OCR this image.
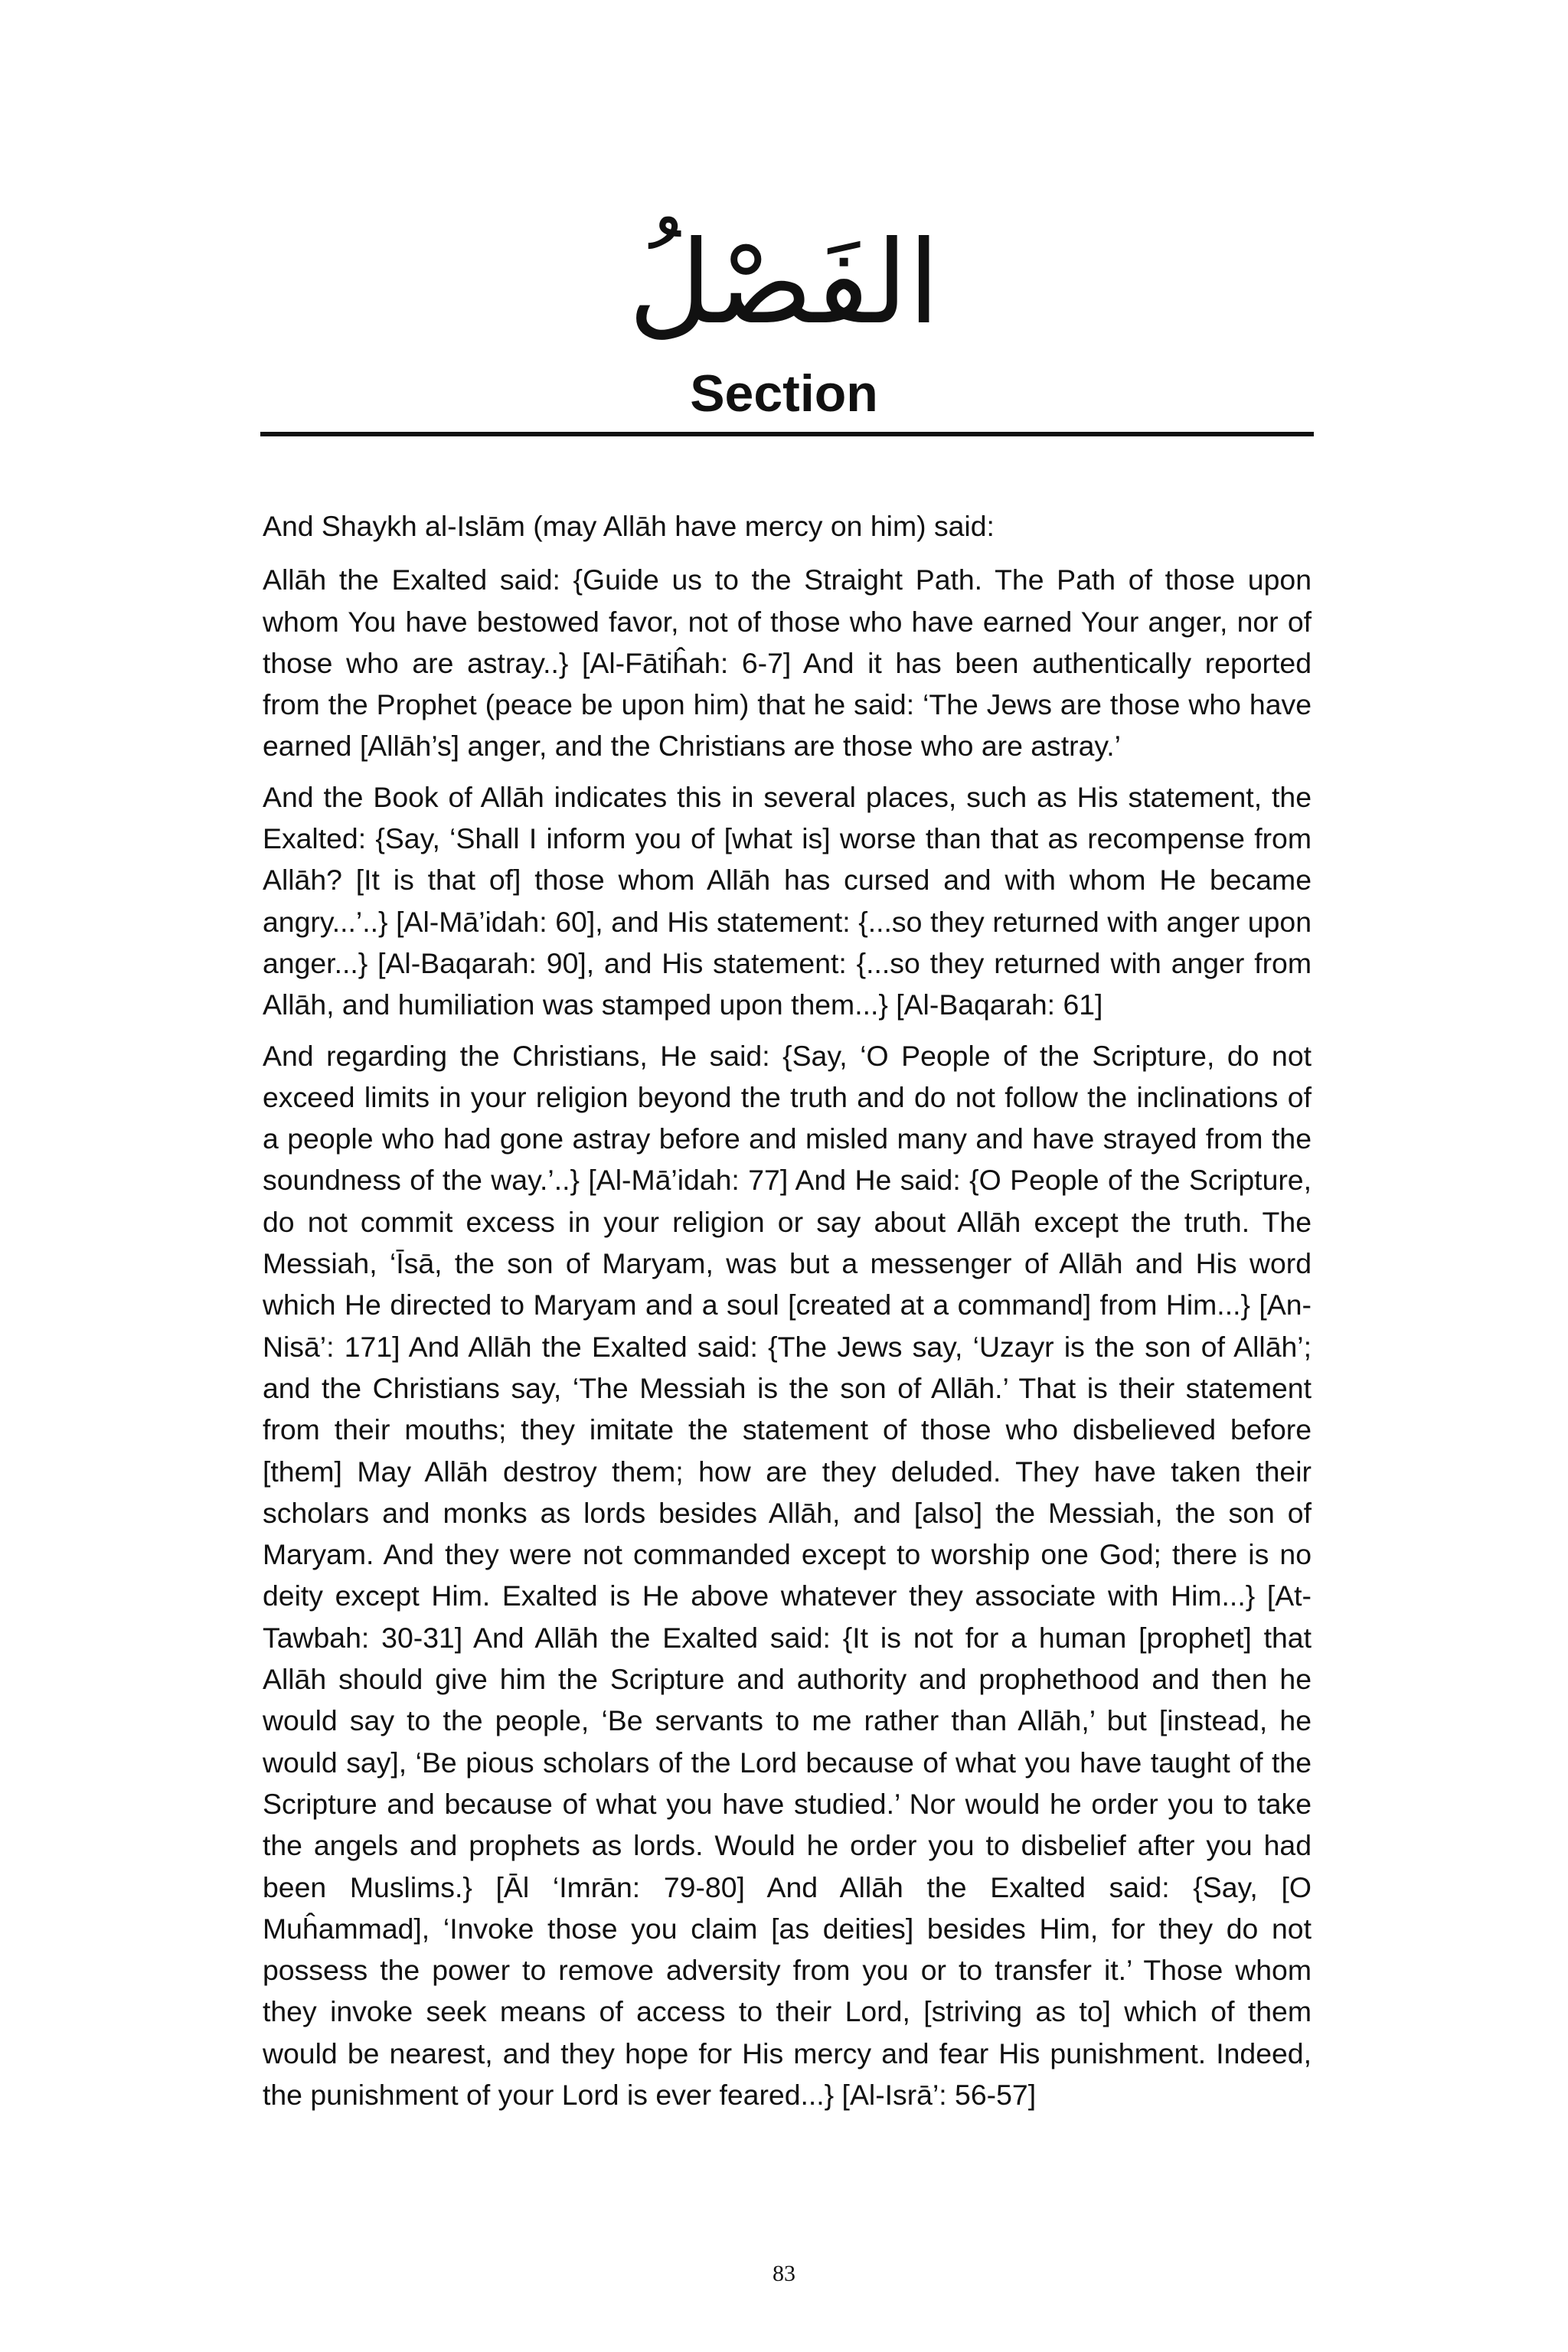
الفَصْلُ
Section

And Shaykh al-Islām (may Allāh have mercy on him) said:

Allāh the Exalted said: {Guide us to the Straight Path. The Path of those upon whom You have bestowed favor, not of those who have earned Your anger, nor of those who are astray..} [Al-Fātiĥah: 6-7] And it has been authentically reported from the Prophet (peace be upon him) that he said: ‘The Jews are those who have earned [Allāh’s] anger, and the Christians are those who are astray.’

And the Book of Allāh indicates this in several places, such as His statement, the Exalted: {Say, ‘Shall I inform you of [what is] worse than that as recompense from Allāh? [It is that of] those whom Allāh has cursed and with whom He became angry...’..} [Al-Mā’idah: 60], and His statement: {...so they returned with anger upon anger...} [Al-Baqarah: 90], and His statement: {...so they returned with anger from Allāh, and humiliation was stamped upon them...} [Al-Baqarah: 61]

And regarding the Christians, He said: {Say, ‘O People of the Scripture, do not exceed limits in your religion beyond the truth and do not follow the inclinations of a people who had gone astray before and misled many and have strayed from the soundness of the way.’..} [Al-Mā’idah: 77] And He said: {O People of the Scripture, do not commit excess in your religion or say about Allāh except the truth. The Messiah, ‘Īsā, the son of Maryam, was but a messenger of Allāh and His word which He directed to Maryam and a soul [created at a command] from Him...} [An-Nisā’: 171] And Allāh the Exalted said: {The Jews say, ‘Uzayr is the son of Allāh’; and the Christians say, ‘The Messiah is the son of Allāh.’ That is their statement from their mouths; they imitate the statement of those who disbelieved before [them] May Allāh destroy them; how are they deluded. They have taken their scholars and monks as lords besides Allāh, and [also] the Messiah, the son of Maryam. And they were not commanded except to worship one God; there is no deity except Him. Exalted is He above whatever they associate with Him...} [At-Tawbah: 30-31] And Allāh the Exalted said: {It is not for a human [prophet] that Allāh should give him the Scripture and authority and prophethood and then he would say to the people, ‘Be servants to me rather than Allāh,’ but [instead, he would say], ‘Be pious scholars of the Lord because of what you have taught of the Scripture and because of what you have studied.’ Nor would he order you to take the angels and prophets as lords. Would he order you to disbelief after you had been Muslims.} [Āl ‘Imrān: 79-80] And Allāh the Exalted said: {Say, [O Muĥammad], ‘Invoke those you claim [as deities] besides Him, for they do not possess the power to remove adversity from you or to transfer it.’ Those whom they invoke seek means of access to their Lord, [striving as to] which of them would be nearest, and they hope for His mercy and fear His punishment. Indeed, the punishment of your Lord is ever feared...} [Al-Isrā’: 56-57]

83
